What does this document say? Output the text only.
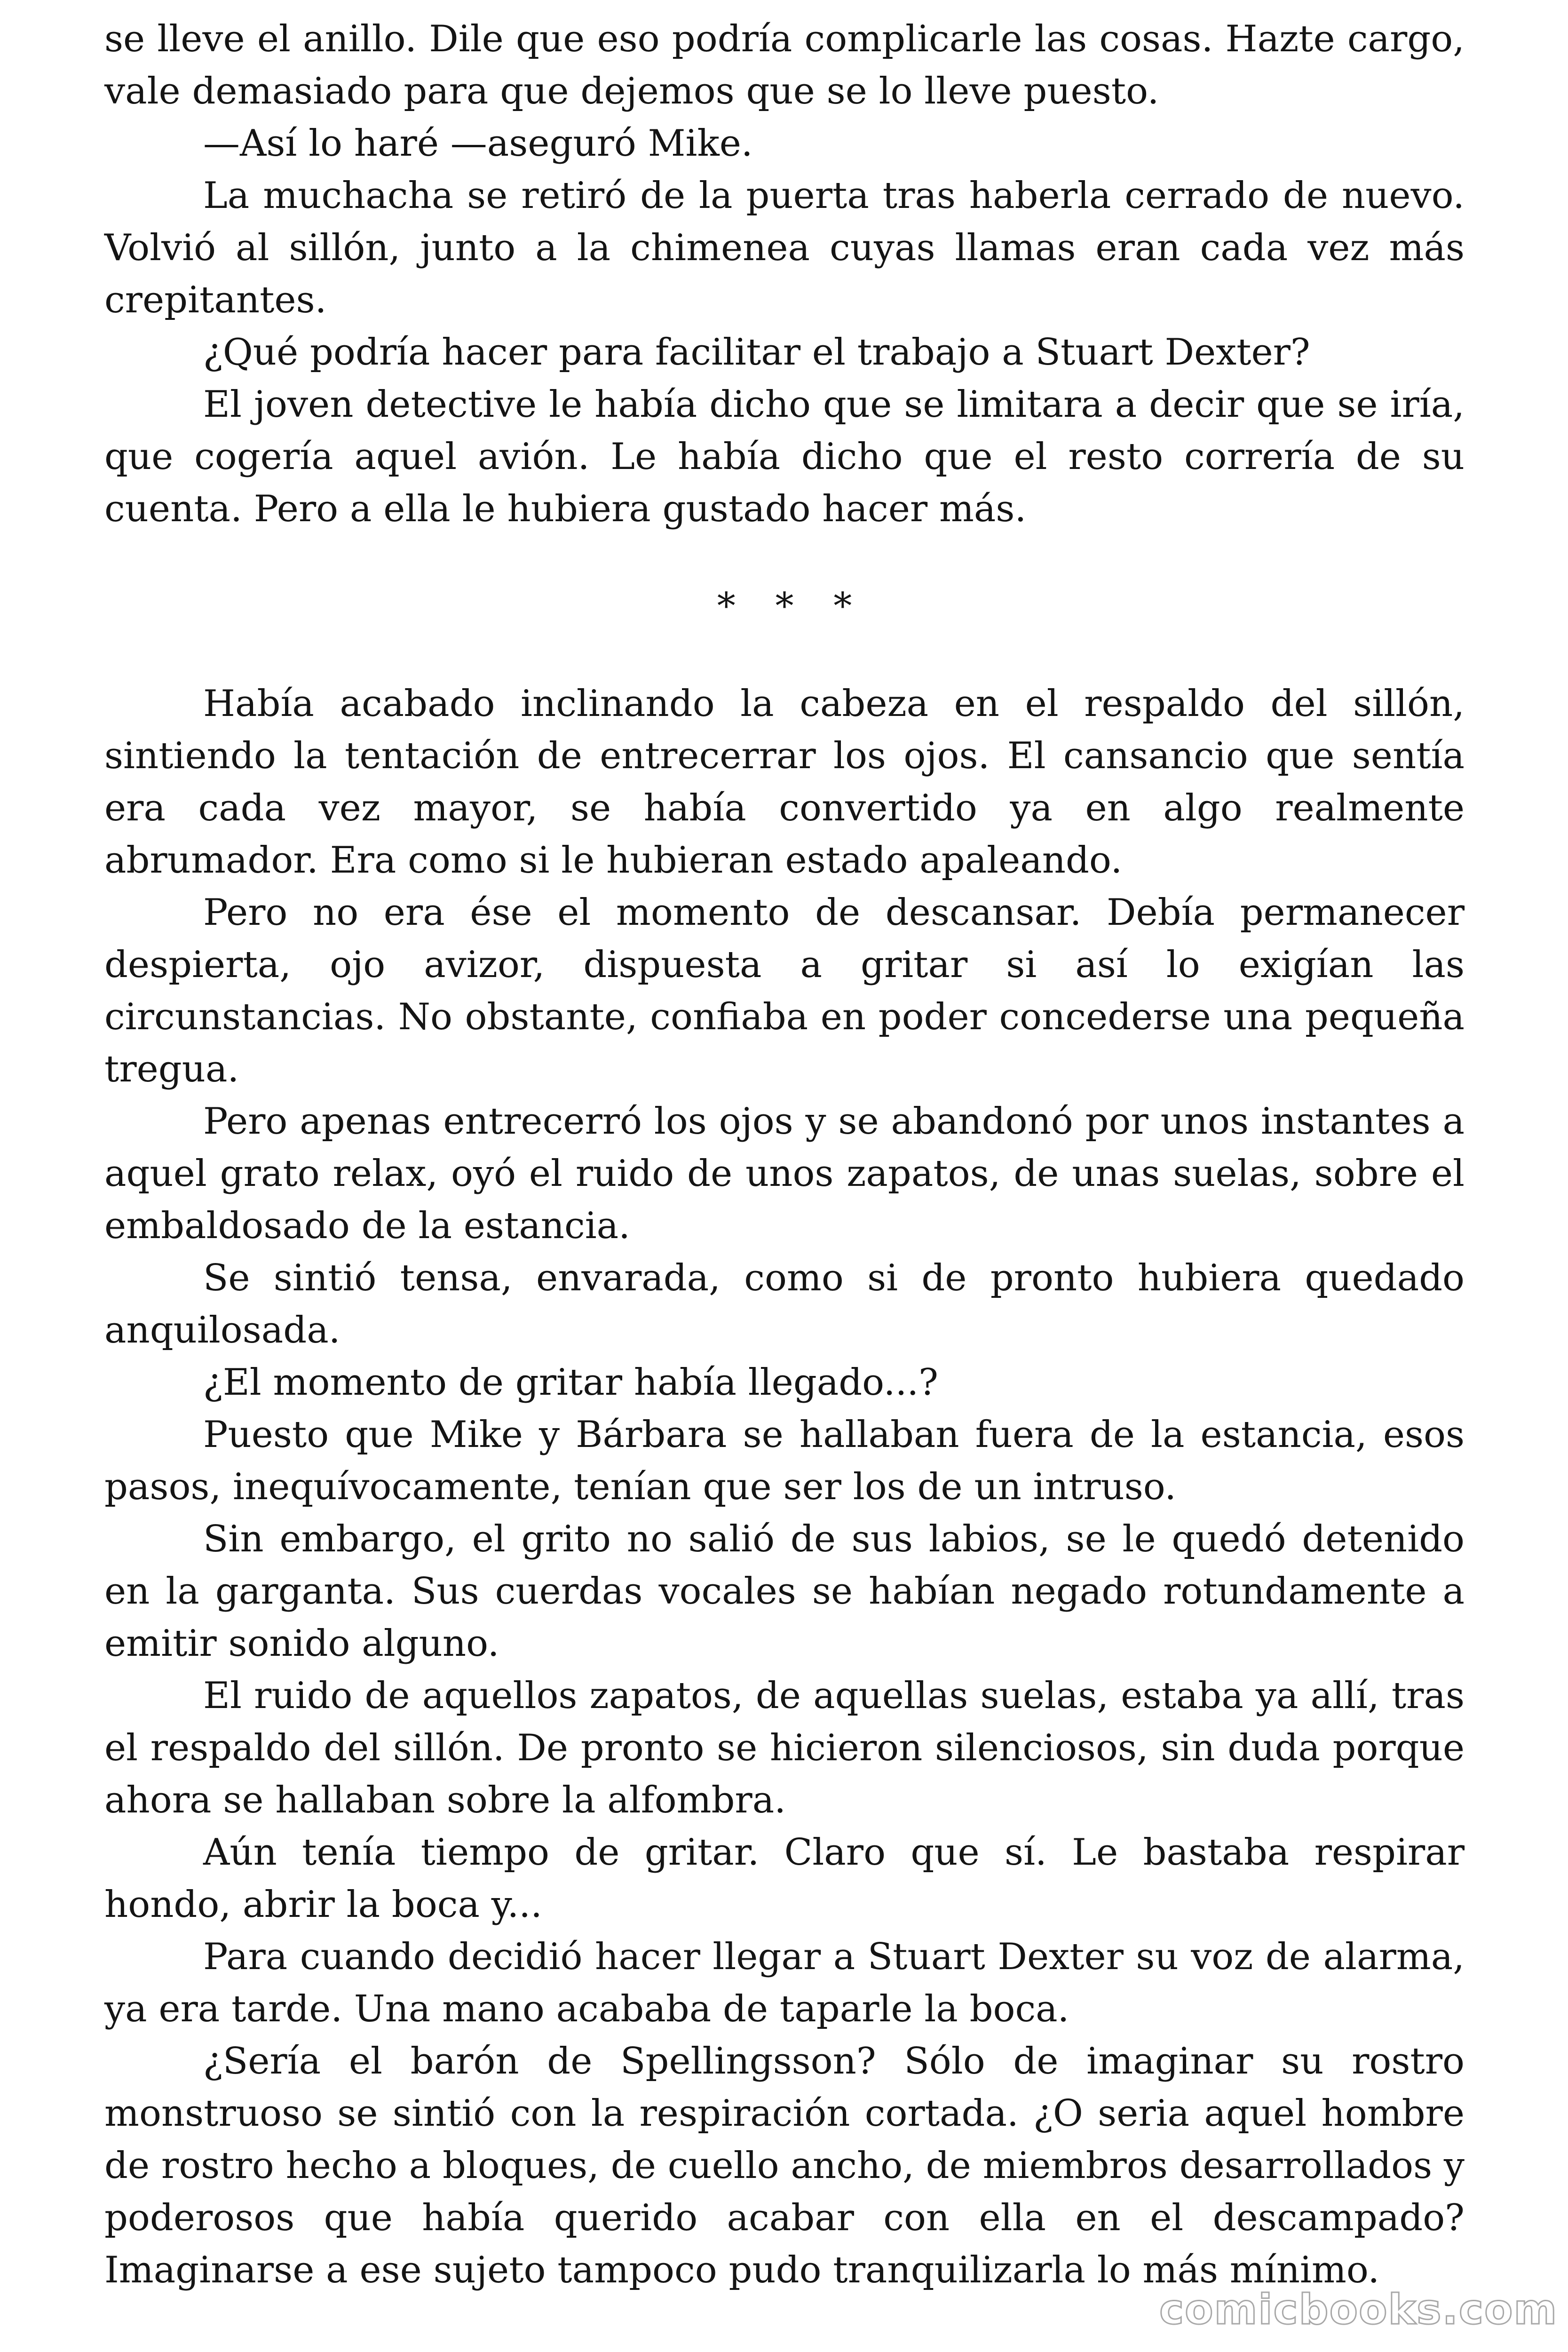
se lleve el anillo. Dile que eso podría complicarle las cosas. Hazte cargo, vale demasiado para que dejemos que se lo lleve puesto.

—Así lo haré —aseguró Mike.

La muchacha se retiró de la puerta tras haberla cerrado de nuevo. Volvió al sillón, junto a la chimenea cuyas llamas eran cada vez más crepitantes.

¿Qué podría hacer para facilitar el trabajo a Stuart Dexter?

El joven detective le había dicho que se limitara a decir que se iría, que cogería aquel avión. Le había dicho que el resto correría de su cuenta. Pero a ella le hubiera gustado hacer más.

* * *

Había acabado inclinando la cabeza en el respaldo del sillón, sintiendo la tentación de entrecerrar los ojos. El cansancio que sentía era cada vez mayor, se había convertido ya en algo realmente abrumador. Era como si le hubieran estado apaleando.

Pero no era ése el momento de descansar. Debía permanecer despierta, ojo avizor, dispuesta a gritar si así lo exigían las circunstancias. No obstante, confiaba en poder concederse una pequeña tregua.

Pero apenas entrecerró los ojos y se abandonó por unos instantes a aquel grato relax, oyó el ruido de unos zapatos, de unas suelas, sobre el embaldosado de la estancia.

Se sintió tensa, envarada, como si de pronto hubiera quedado anquilosada.

¿El momento de gritar había llegado...?

Puesto que Mike y Bárbara se hallaban fuera de la estancia, esos pasos, inequívocamente, tenían que ser los de un intruso.

Sin embargo, el grito no salió de sus labios, se le quedó detenido en la garganta. Sus cuerdas vocales se habían negado rotundamente a emitir sonido alguno.

El ruido de aquellos zapatos, de aquellas suelas, estaba ya allí, tras el respaldo del sillón. De pronto se hicieron silenciosos, sin duda porque ahora se hallaban sobre la alfombra.

Aún tenía tiempo de gritar. Claro que sí. Le bastaba respirar hondo, abrir la boca y...

Para cuando decidió hacer llegar a Stuart Dexter su voz de alarma, ya era tarde. Una mano acababa de taparle la boca.

¿Sería el barón de Spellingsson? Sólo de imaginar su rostro monstruoso se sintió con la respiración cortada. ¿O seria aquel hombre de rostro hecho a bloques, de cuello ancho, de miembros desarrollados y poderosos que había querido acabar con ella en el descampado? Imaginarse a ese sujeto tampoco pudo tranquilizarla lo más mínimo.

comicbooks.com
